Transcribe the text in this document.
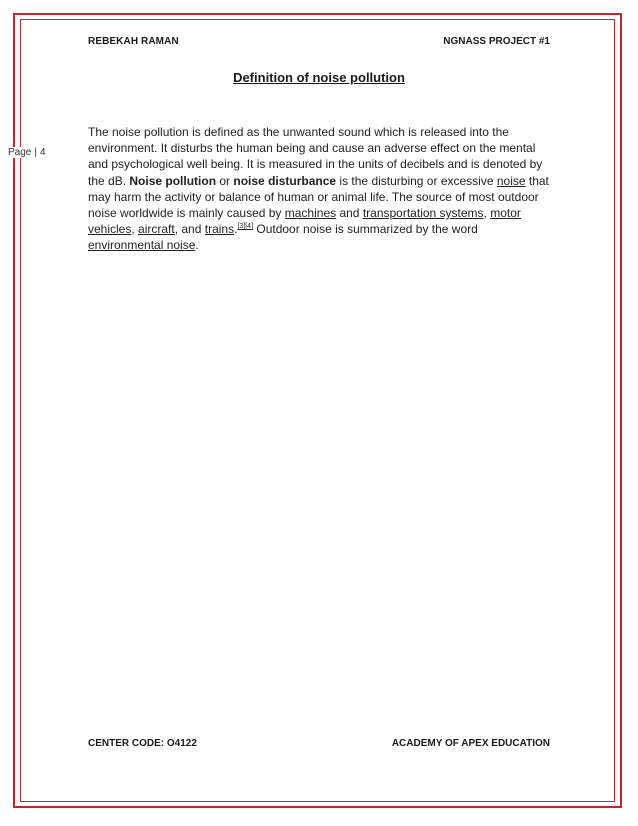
REBEKAH RAMAN	NGNASS PROJECT #1
Page | 4
Definition of noise pollution
The noise pollution is defined as the unwanted sound which is released into the environment. It disturbs the human being and cause an adverse effect on the mental and psychological well being. It is measured in the units of decibels and is denoted by the dB. Noise pollution or noise disturbance is the disturbing or excessive noise that may harm the activity or balance of human or animal life. The source of most outdoor noise worldwide is mainly caused by machines and transportation systems, motor vehicles, aircraft, and trains.[3][4] Outdoor noise is summarized by the word environmental noise.
CENTER CODE: O4122	ACADEMY OF APEX EDUCATION
